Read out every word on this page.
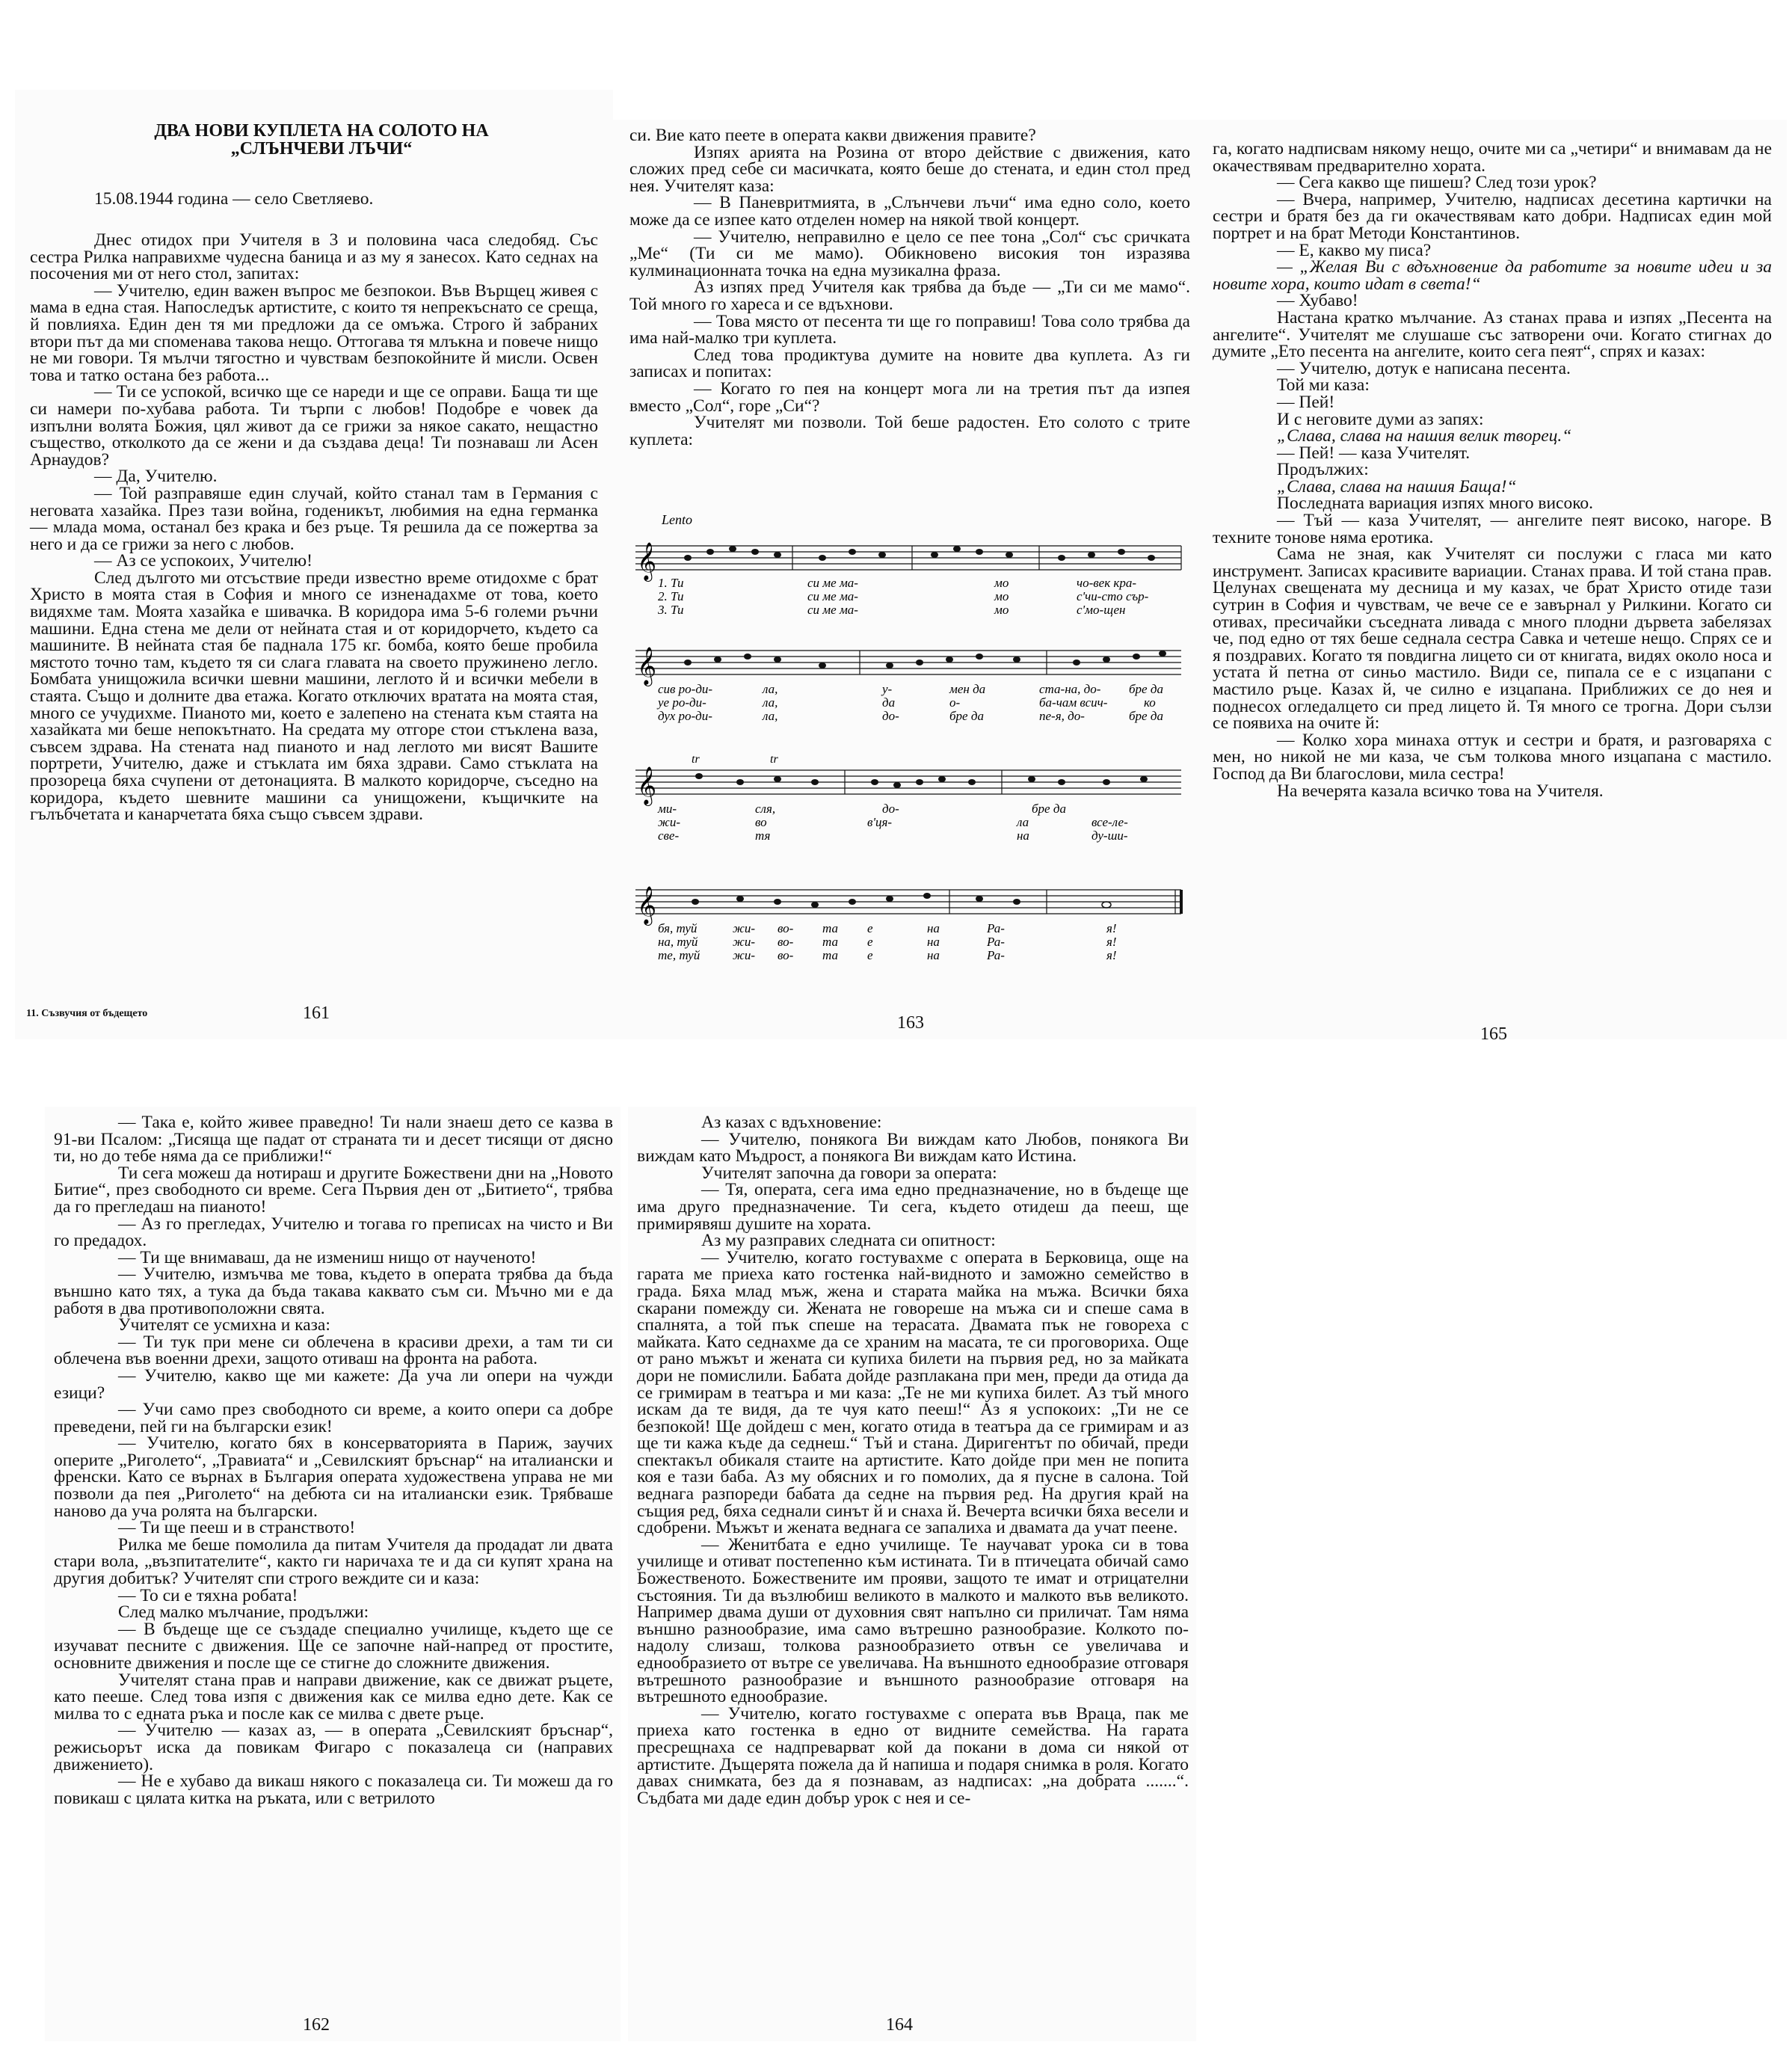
ДВА НОВИ КУПЛЕТА НА СОЛОТО НА
„СЛЪНЧЕВИ ЛЪЧИ“

15.08.1944 година — село Светляево.

Днес отидох при Учителя в 3 и половина часа следобяд. Със сестра Рилка направихме чудесна баница и аз му я занесох. Като седнах на посочения ми от него стол, запитах:

— Учителю, един важен въпрос ме безпокои. Във Върщец живея с мама в една стая. Напоследък артистите, с които тя непрекъснато се среща, й повлияха. Един ден тя ми предложи да се омъжа. Строго й забраних втори път да ми споменава такова нещо. Оттогава тя млъкна и повече нищо не ми говори. Тя мълчи тягостно и чувствам безпокойните й мисли. Освен това и татко остана без работа...

— Ти се успокой, всичко ще се нареди и ще се оправи. Баща ти ще си намери по-хубава работа. Ти търпи с любов! Подобре е човек да изпълни волята Божия, цял живот да се грижи за някое сакато, нещастно същество, отколкото да се жени и да създава деца! Ти познаваш ли Асен Арнаудов?

— Да, Учителю.

— Той разправяше един случай, който станал там в Германия с неговата хазайка. През тази война, годеникът, любимия на една германка — млада мома, останал без крака и без ръце. Тя решила да се пожертва за него и да се грижи за него с любов.

— Аз се успокоих, Учителю!

След дългото ми отсъствие преди известно време отидохме с брат Христо в моята стая в София и много се изненадахме от това, което видяхме там. Моята хазайка е шивачка. В коридора има 5-6 големи ръчни машини. Една стена ме дели от нейната стая и от коридорчето, където са машините. В нейната стая бе паднала 175 кг. бомба, която беше пробила мястото точно там, където тя си слага главата на своето пружинено легло. Бомбата унищожила всички шевни машини, леглото й и всички мебели в стаята. Също и долните два етажа. Когато отключих вратата на моята стая, много се учудихме. Пианото ми, което е залепено на стената към стаята на хазайката ми беше непокътнато. На средата му отгоре стои стъклена ваза, съвсем здрава. На стената над пианото и над леглото ми висят Вашите портрети, Учителю, даже и стъклата им бяха здрави. Само стъклата на прозореца бяха счупени от детонацията. В малкото коридорче, съседно на коридора, където шевните машини са унищожени, къщичките на гълъбчетата и канарчетата бяха също съвсем здрави.

11. Съзвучия от бъдещето	161

си. Вие като пеете в операта какви движения правите?

Изпях арията на Розина от второ действие с движения, като сложих пред себе си масичката, която беше до стената, и един стол пред нея. Учителят каза:

— В Паневритмията, в „Слънчеви лъчи“ има едно соло, което може да се изпее като отделен номер на някой твой концерт.

— Учителю, неправилно е цело се пее тона „Сол“ със сричката „Ме“ (Ти си ме мамо). Обикновено високия тон изразява кулминационната точка на една музикална фраза.

Аз изпях пред Учителя как трябва да бъде — „Ти си ме мамо“. Той много го хареса и се вдъхнови.

— Това място от песента ти ще го поправиш! Това соло трябва да има най-малко три куплета.

След това продиктува думите на новите два куплета. Аз ги записах и попитах:

— Когато го пея на концерт мога ли на третия път да изпея вместо „Сол“, горе „Си“?

Учителят ми позволи. Той беше радостен. Ето солото с трите куплета:

Lento
𝄞
1. Ти	си ме ма-	мо	чо-век кра-
2. Ти	си ме ма-	мо	с'чи-сто сър-
3. Ти	си ме ма-	мо	с'мо-щен
𝄞
сив ро-ди-	ла,	у-	мен да	ста-на, до- бре да
уе ро-ди-	ла,	да	о-	ба-чам всич-	ко
дух ро-ди-	ла,	до-	бре да	пе-я, до-	бре да
𝄞
tr	tr
ми-	сля,	до-	бре да
жи-	во	в'ця-	ла	все-ле-
све-	тя	на	ду-ши-
𝄞
бя, туй	жи- во- та е	на	Ра-	я!
на, туй	жи- во- та е	на	Ра-	я!
те, туй	жи- во- та е	на	Ра-	я!
163

га, когато надписвам някому нещо, очите ми са „четири“ и внимавам да не окачествявам предварително хората.

— Сега какво ще пишеш? След този урок?

— Вчера, например, Учителю, надписах десетина картички на сестри и братя без да ги окачествявам като добри. Надписах един мой портрет и на брат Методи Константинов.

— Е, какво му писа?

— „Желая Ви с вдъхновение да работите за новите идеи и за новите хора, които идат в света!“

— Хубаво!

Настана кратко мълчание. Аз станах права и изпях „Песента на ангелите“. Учителят ме слушаше със затворени очи. Когато стигнах до думите „Ето песента на ангелите, които сега пеят“, спрях и казах:

— Учителю, дотук е написана песента.

Той ми каза:

— Пей!

И с неговите думи аз запях:

„Слава, слава на нашия велик творец.“

— Пей! — каза Учителят.

Продължих:

„Слава, слава на нашия Баща!“

Последната вариация изпях много високо.

— Тъй — каза Учителят, — ангелите пеят високо, нагоре. В техните тонове няма еротика.

Сама не зная, как Учителят си послужи с гласа ми като инструмент. Записах красивите вариации. Станах права. И той стана прав. Целунах свещената му десница и му казах, че брат Христо отиде тази сутрин в София и чувствам, че вече се е завърнал у Рилкини. Когато си отивах, пресичайки съседната ливада с много плодни дървета забелязах че, под едно от тях беше седнала сестра Савка и четеше нещо. Спрях се и я поздравих. Когато тя повдигна лицето си от книгата, видях около носа и устата й петна от синьо мастило. Види се, пипала се е с изцапани с мастило ръце. Казах й, че силно е изцапана. Приближих се до нея и поднесох огледалцето си пред лицето й. Тя много се трогна. Дори сълзи се появиха на очите й:

— Колко хора минаха оттук и сестри и братя, и разговаряха с мен, но никой не ми каза, че съм толкова много изцапана с мастило. Господ да Ви благослови, мила сестра!

На вечерята казала всичко това на Учителя.

165

— Така е, който живее праведно! Ти нали знаеш дето се казва в 91-ви Псалом: „Тисяща ще падат от страната ти и десет тисящи от дясно ти, но до тебе няма да се приближи!“

Ти сега можеш да нотираш и другите Божествени дни на „Новото Битие“, през свободното си време. Сега Първия ден от „Битието“, трябва да го прегледаш на пианото!

— Аз го прегледах, Учителю и тогава го преписах на чисто и Ви го предадох.

— Ти ще внимаваш, да не измениш нищо от наученото!

— Учителю, измъчва ме това, където в операта трябва да бъда външно като тях, а тука да бъда такава каквато съм си. Мъчно ми е да работя в два противоположни свята.

Учителят се усмихна и каза:

— Ти тук при мене си облечена в красиви дрехи, а там ти си облечена във военни дрехи, защото отиваш на фронта на работа.

— Учителю, какво ще ми кажете: Да уча ли опери на чужди езици?

— Учи само през свободното си време, а които опери са добре преведени, пей ги на български език!

— Учителю, когато бях в консерваторията в Париж, заучих оперите „Риголето“, „Травиата“ и „Севилският бръснар“ на италиански и френски. Като се върнах в България операта художествена управа не ми позволи да пея „Риголето“ на дебюта си на италиански език. Трябваше наново да уча ролята на български.

— Ти ще пееш и в странството!

Рилка ме беше помолила да питам Учителя да продадат ли двата стари вола, „възпитателите“, както ги наричаха те и да си купят храна на другия добитък? Учителят спи строго веждите си и каза:

— То си е тяхна робата!

След малко мълчание, продължи:

— В бъдеще ще се създаде специално училище, където ще се изучават песните с движения. Ще се започне най-напред от простите, основните движения и после ще се стигне до сложните движения.

Учителят стана прав и направи движение, как се движат ръцете, като пееше. След това изпя с движения как се милва едно дете. Как се милва то с едната ръка и после как се милва с двете ръце.

— Учителю — казах аз, — в операта „Севилският бръснар“, режисьорът иска да повикам Фигаро с показалеца си (направих движението).

— Не е хубаво да викаш някого с показалеца си. Ти можеш да го повикаш с цялата китка на ръката, или с ветрилото

162

Аз казах с вдъхновение:

— Учителю, понякога Ви виждам като Любов, понякога Ви виждам като Мъдрост, а понякога Ви виждам като Истина.

Учителят започна да говори за операта:

— Тя, операта, сега има едно предназначение, но в бъдеще ще има друго предназначение. Ти сега, където отидеш да пееш, ще примирявяш душите на хората.

Аз му разправих следната си опитност:

— Учителю, когато гостувахме с операта в Берковица, още на гарата ме приеха като гостенка най-видното и заможно семейство в града. Бяха млад мъж, жена и старата майка на мъжа. Всички бяха скарани помежду си. Жената не говореше на мъжа си и спеше сама в спалнята, а той пък спеше на терасата. Двамата пък не говореха с майката. Като седнахме да се храним на масата, те си проговориха. Още от рано мъжът и жената си купиха билети на първия ред, но за майката дори не помислили. Бабата дойде разплакана при мен, преди да отида да се гримирам в театъра и ми каза: „Те не ми купиха билет. Аз тъй много искам да те видя, да те чуя като пееш!“ Аз я успокоих: „Ти не се безпокой! Ще дойдеш с мен, когато отида в театъра да се гримирам и аз ще ти кажа къде да седнеш.“ Тъй и стана. Диригентът по обичай, преди спектакъл обикаля стаите на артистите. Като дойде при мен не попита коя е тази баба. Аз му обясних и го помолих, да я пусне в салона. Той веднага разпореди бабата да седне на първия ред. На другия край на същия ред, бяха седнали синът й и снаха й. Вечерта всички бяха весели и сдобрени. Мъжът и жената веднага се запалиха и двамата да учат пеене.

— Женитбата е едно училище. Те научават урока си в това училище и отиват постепенно към истината. Ти в птичецата обичай само Божественото. Божествените им прояви, защото те имат и отрицателни състояния. Ти да възлюбиш великото в малкото и малкото във великото. Например двама души от духовния свят напълно си приличат. Там няма външно разнообразие, има само вътрешно разнообразие. Колкото по-надолу слизаш, толкова разнообразието отвън се увеличава и еднообразието от вътре се увеличава. На външното еднообразие отговаря вътрешното разнообразие и външното разнообразие отговаря на вътрешното еднообразие.

— Учителю, когато гостувахме с операта във Враца, пак ме приеха като гостенка в едно от видните семейства. На гарата пресрещнаха се надпреварват кой да покани в дома си някой от артистите. Дъщерята пожела да й напиша и подаря снимка в роля. Когато давах снимката, без да я познавам, аз надписах: „на добрата .......“. Съдбата ми даде един добър урок с нея и се-

164
